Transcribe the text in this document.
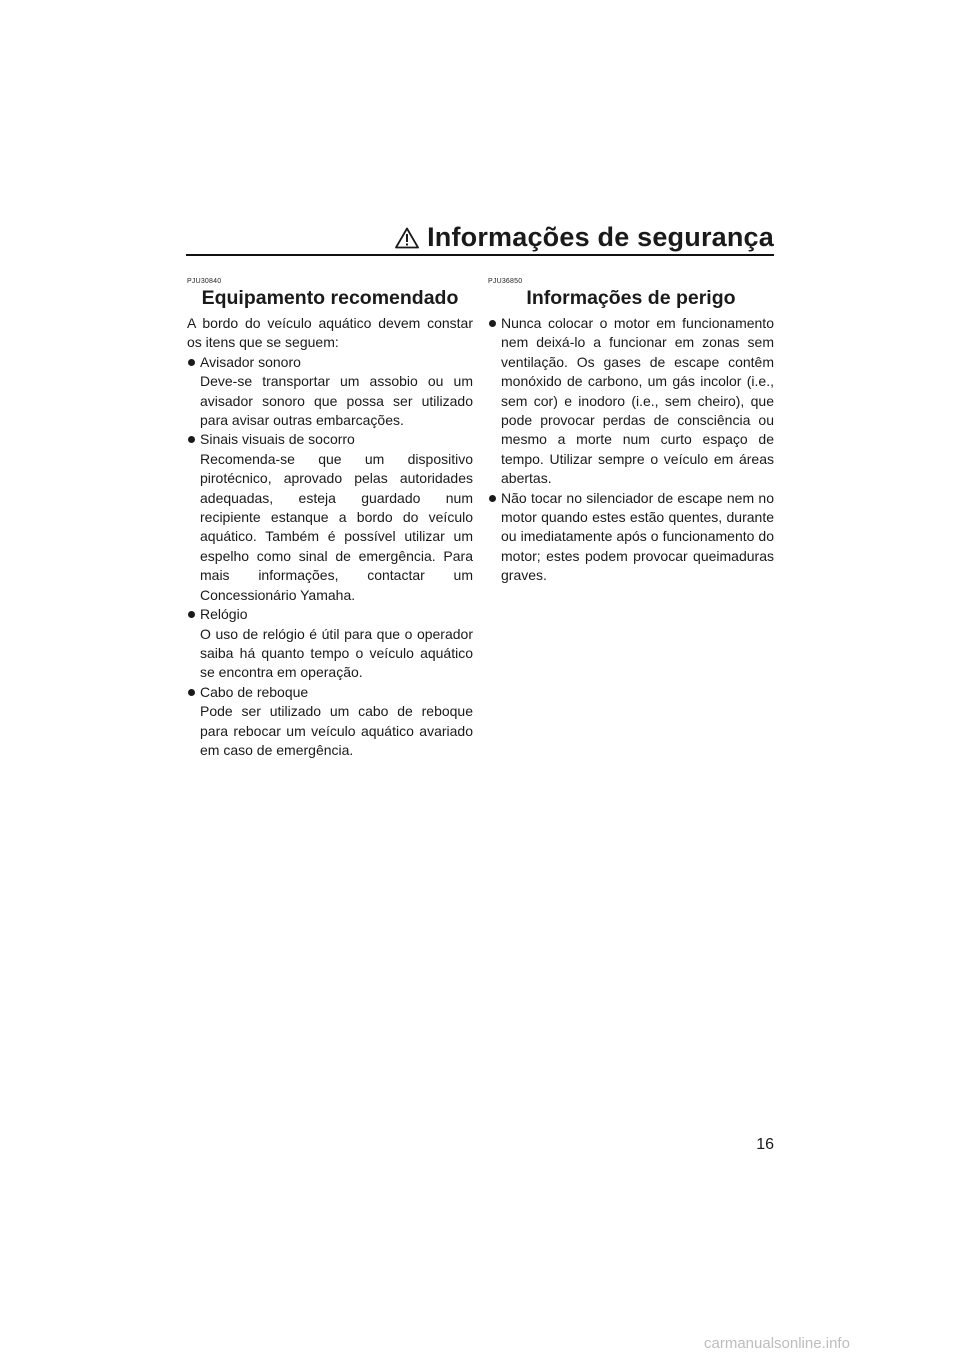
Informações de segurança
PJU30840
Equipamento recomendado

A bordo do veículo aquático devem constar os itens que se seguem:

Avisador sonoro
Deve-se transportar um assobio ou um avisador sonoro que possa ser utilizado para avisar outras embarcações.
Sinais visuais de socorro
Recomenda-se que um dispositivo pirotécnico, aprovado pelas autoridades adequadas, esteja guardado num recipiente estanque a bordo do veículo aquático. Também é possível utilizar um espelho como sinal de emergência. Para mais informações, contactar um Concessionário Yamaha.
Relógio
O uso de relógio é útil para que o operador saiba há quanto tempo o veículo aquático se encontra em operação.
Cabo de reboque
Pode ser utilizado um cabo de reboque para rebocar um veículo aquático avariado em caso de emergência.
PJU36850
Informações de perigo
Nunca colocar o motor em funcionamento nem deixá-lo a funcionar em zonas sem ventilação. Os gases de escape contêm monóxido de carbono, um gás incolor (i.e., sem cor) e inodoro (i.e., sem cheiro), que pode provocar perdas de consciência ou mesmo a morte num curto espaço de tempo. Utilizar sempre o veículo em áreas abertas.
Não tocar no silenciador de escape nem no motor quando estes estão quentes, durante ou imediatamente após o funcionamento do motor; estes podem provocar queimaduras graves.
16
carmanualsonline.info
